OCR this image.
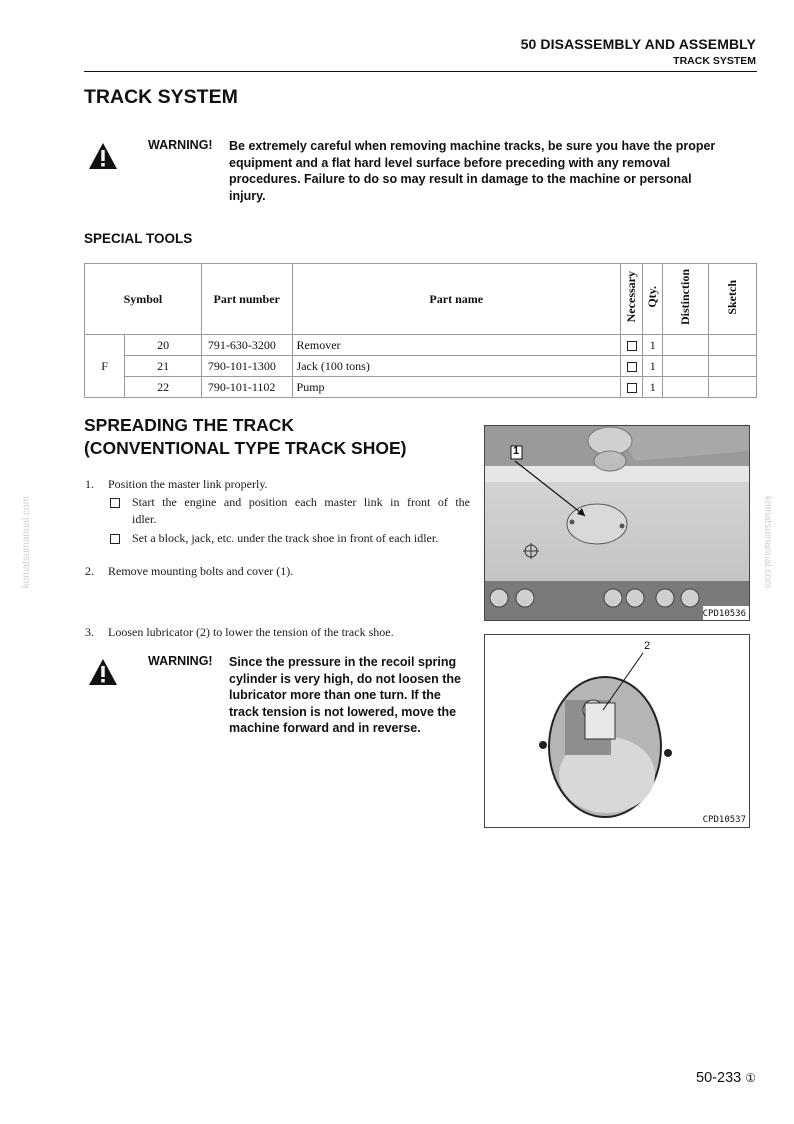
50 DISASSEMBLY AND ASSEMBLY
TRACK SYSTEM
TRACK SYSTEM
WARNING! Be extremely careful when removing machine tracks, be sure you have the proper
equipment and a flat hard level surface before preceding with any removal
procedures. Failure to do so may result in damage to the machine or personal
injury.
SPECIAL TOOLS
Symbol		Part number	Part name	Necessary	Qty.	Distinction	Sketch
F	20	791-630-3200	Remover		1		
	21	790-101-1300	Jack (100 tons)		1		
	22	790-101-1102	Pump		1		
SPREADING THE TRACK
(CONVENTIONAL TYPE TRACK SHOE)
1. Position the master link properly.
Start the engine and position each master link in front of the
idler.
Set a block, jack, etc. under the track shoe in front of each idler.
2. Remove mounting bolts and cover (1).
3. Loosen lubricator (2) to lower the tension of the track shoe.
WARNING! Since the pressure in the recoil spring
cylinder is very high, do not loosen the
lubricator more than one turn. If the
track tension is not lowered, move the
machine forward and in reverse.
1
CPD10536
2
CPD10537
komatsumanual.com	komatsumanual.com
50-233 ①
